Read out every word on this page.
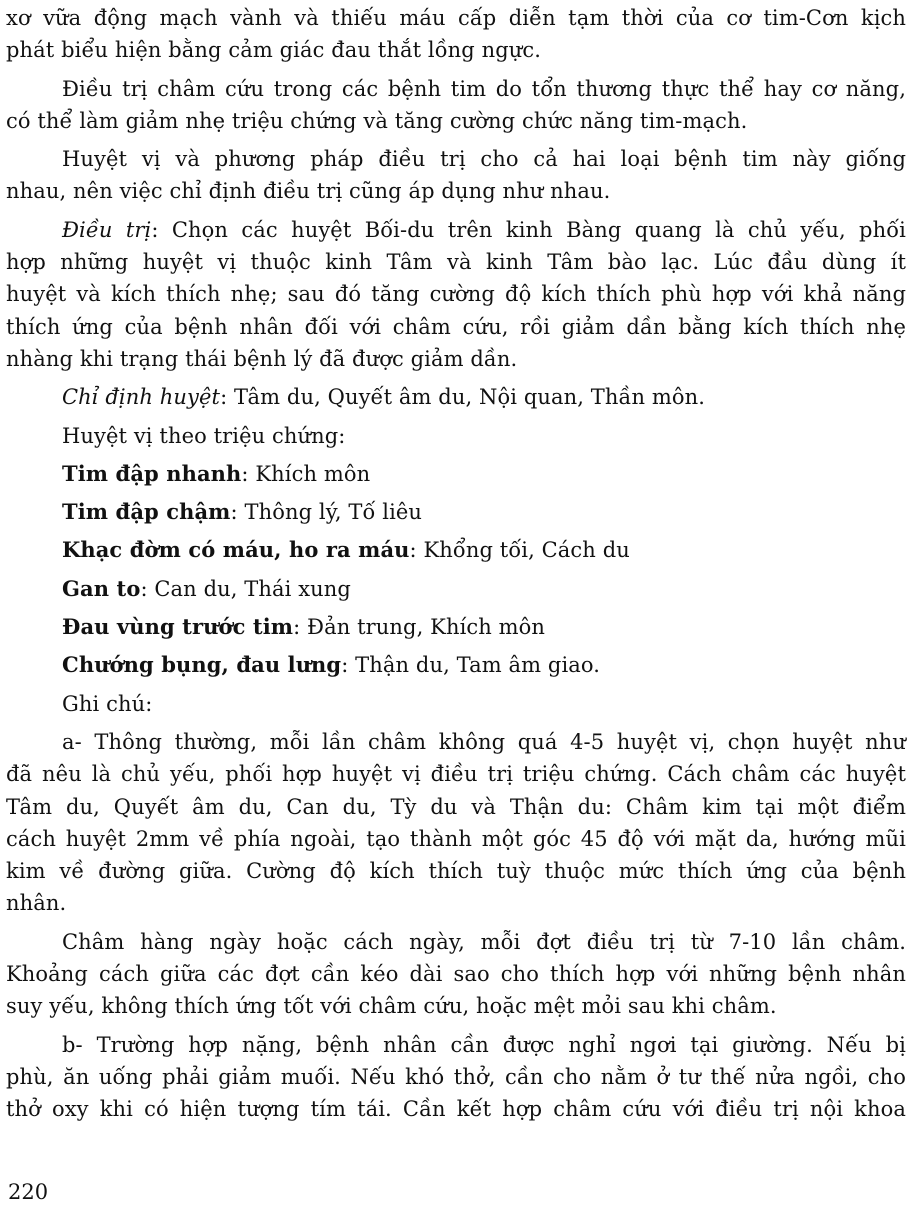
xơ vữa động mạch vành và thiếu máu cấp diễn tạm thời của cơ tim-Cơn kịch
phát biểu hiện bằng cảm giác đau thắt lồng ngực.
Điều trị châm cứu trong các bệnh tim do tổn thương thực thể hay cơ năng,
có thể làm giảm nhẹ triệu chứng và tăng cường chức năng tim-mạch.
Huyệt vị và phương pháp điều trị cho cả hai loại bệnh tim này giống
nhau, nên việc chỉ định điều trị cũng áp dụng như nhau.
Điều trị: Chọn các huyệt Bối-du trên kinh Bàng quang là chủ yếu, phối
hợp những huyệt vị thuộc kinh Tâm và kinh Tâm bào lạc. Lúc đầu dùng ít
huyệt và kích thích nhẹ; sau đó tăng cường độ kích thích phù hợp với khả năng
thích ứng của bệnh nhân đối với châm cứu, rồi giảm dần bằng kích thích nhẹ
nhàng khi trạng thái bệnh lý đã được giảm dần.
Chỉ định huyệt: Tâm du, Quyết âm du, Nội quan, Thần môn.
Huyệt vị theo triệu chứng:
Tim đập nhanh: Khích môn
Tim đập chậm: Thông lý, Tố liêu
Khạc đờm có máu, ho ra máu: Khổng tối, Cách du
Gan to: Can du, Thái xung
Đau vùng trước tim: Đản trung, Khích môn
Chướng bụng, đau lưng: Thận du, Tam âm giao.
Ghi chú:
a- Thông thường, mỗi lần châm không quá 4-5 huyệt vị, chọn huyệt như
đã nêu là chủ yếu, phối hợp huyệt vị điều trị triệu chứng. Cách châm các huyệt
Tâm du, Quyết âm du, Can du, Tỳ du và Thận du: Châm kim tại một điểm
cách huyệt 2mm về phía ngoài, tạo thành một góc 45 độ với mặt da, hướng mũi
kim về đường giữa. Cường độ kích thích tuỳ thuộc mức thích ứng của bệnh
nhân.
Châm hàng ngày hoặc cách ngày, mỗi đợt điều trị từ 7-10 lần châm.
Khoảng cách giữa các đợt cần kéo dài sao cho thích hợp với những bệnh nhân
suy yếu, không thích ứng tốt với châm cứu, hoặc mệt mỏi sau khi châm.
b- Trường hợp nặng, bệnh nhân cần được nghỉ ngơi tại giường. Nếu bị
phù, ăn uống phải giảm muối. Nếu khó thở, cần cho nằm ở tư thế nửa ngồi, cho
thở oxy khi có hiện tượng tím tái. Cần kết hợp châm cứu với điều trị nội khoa
220
